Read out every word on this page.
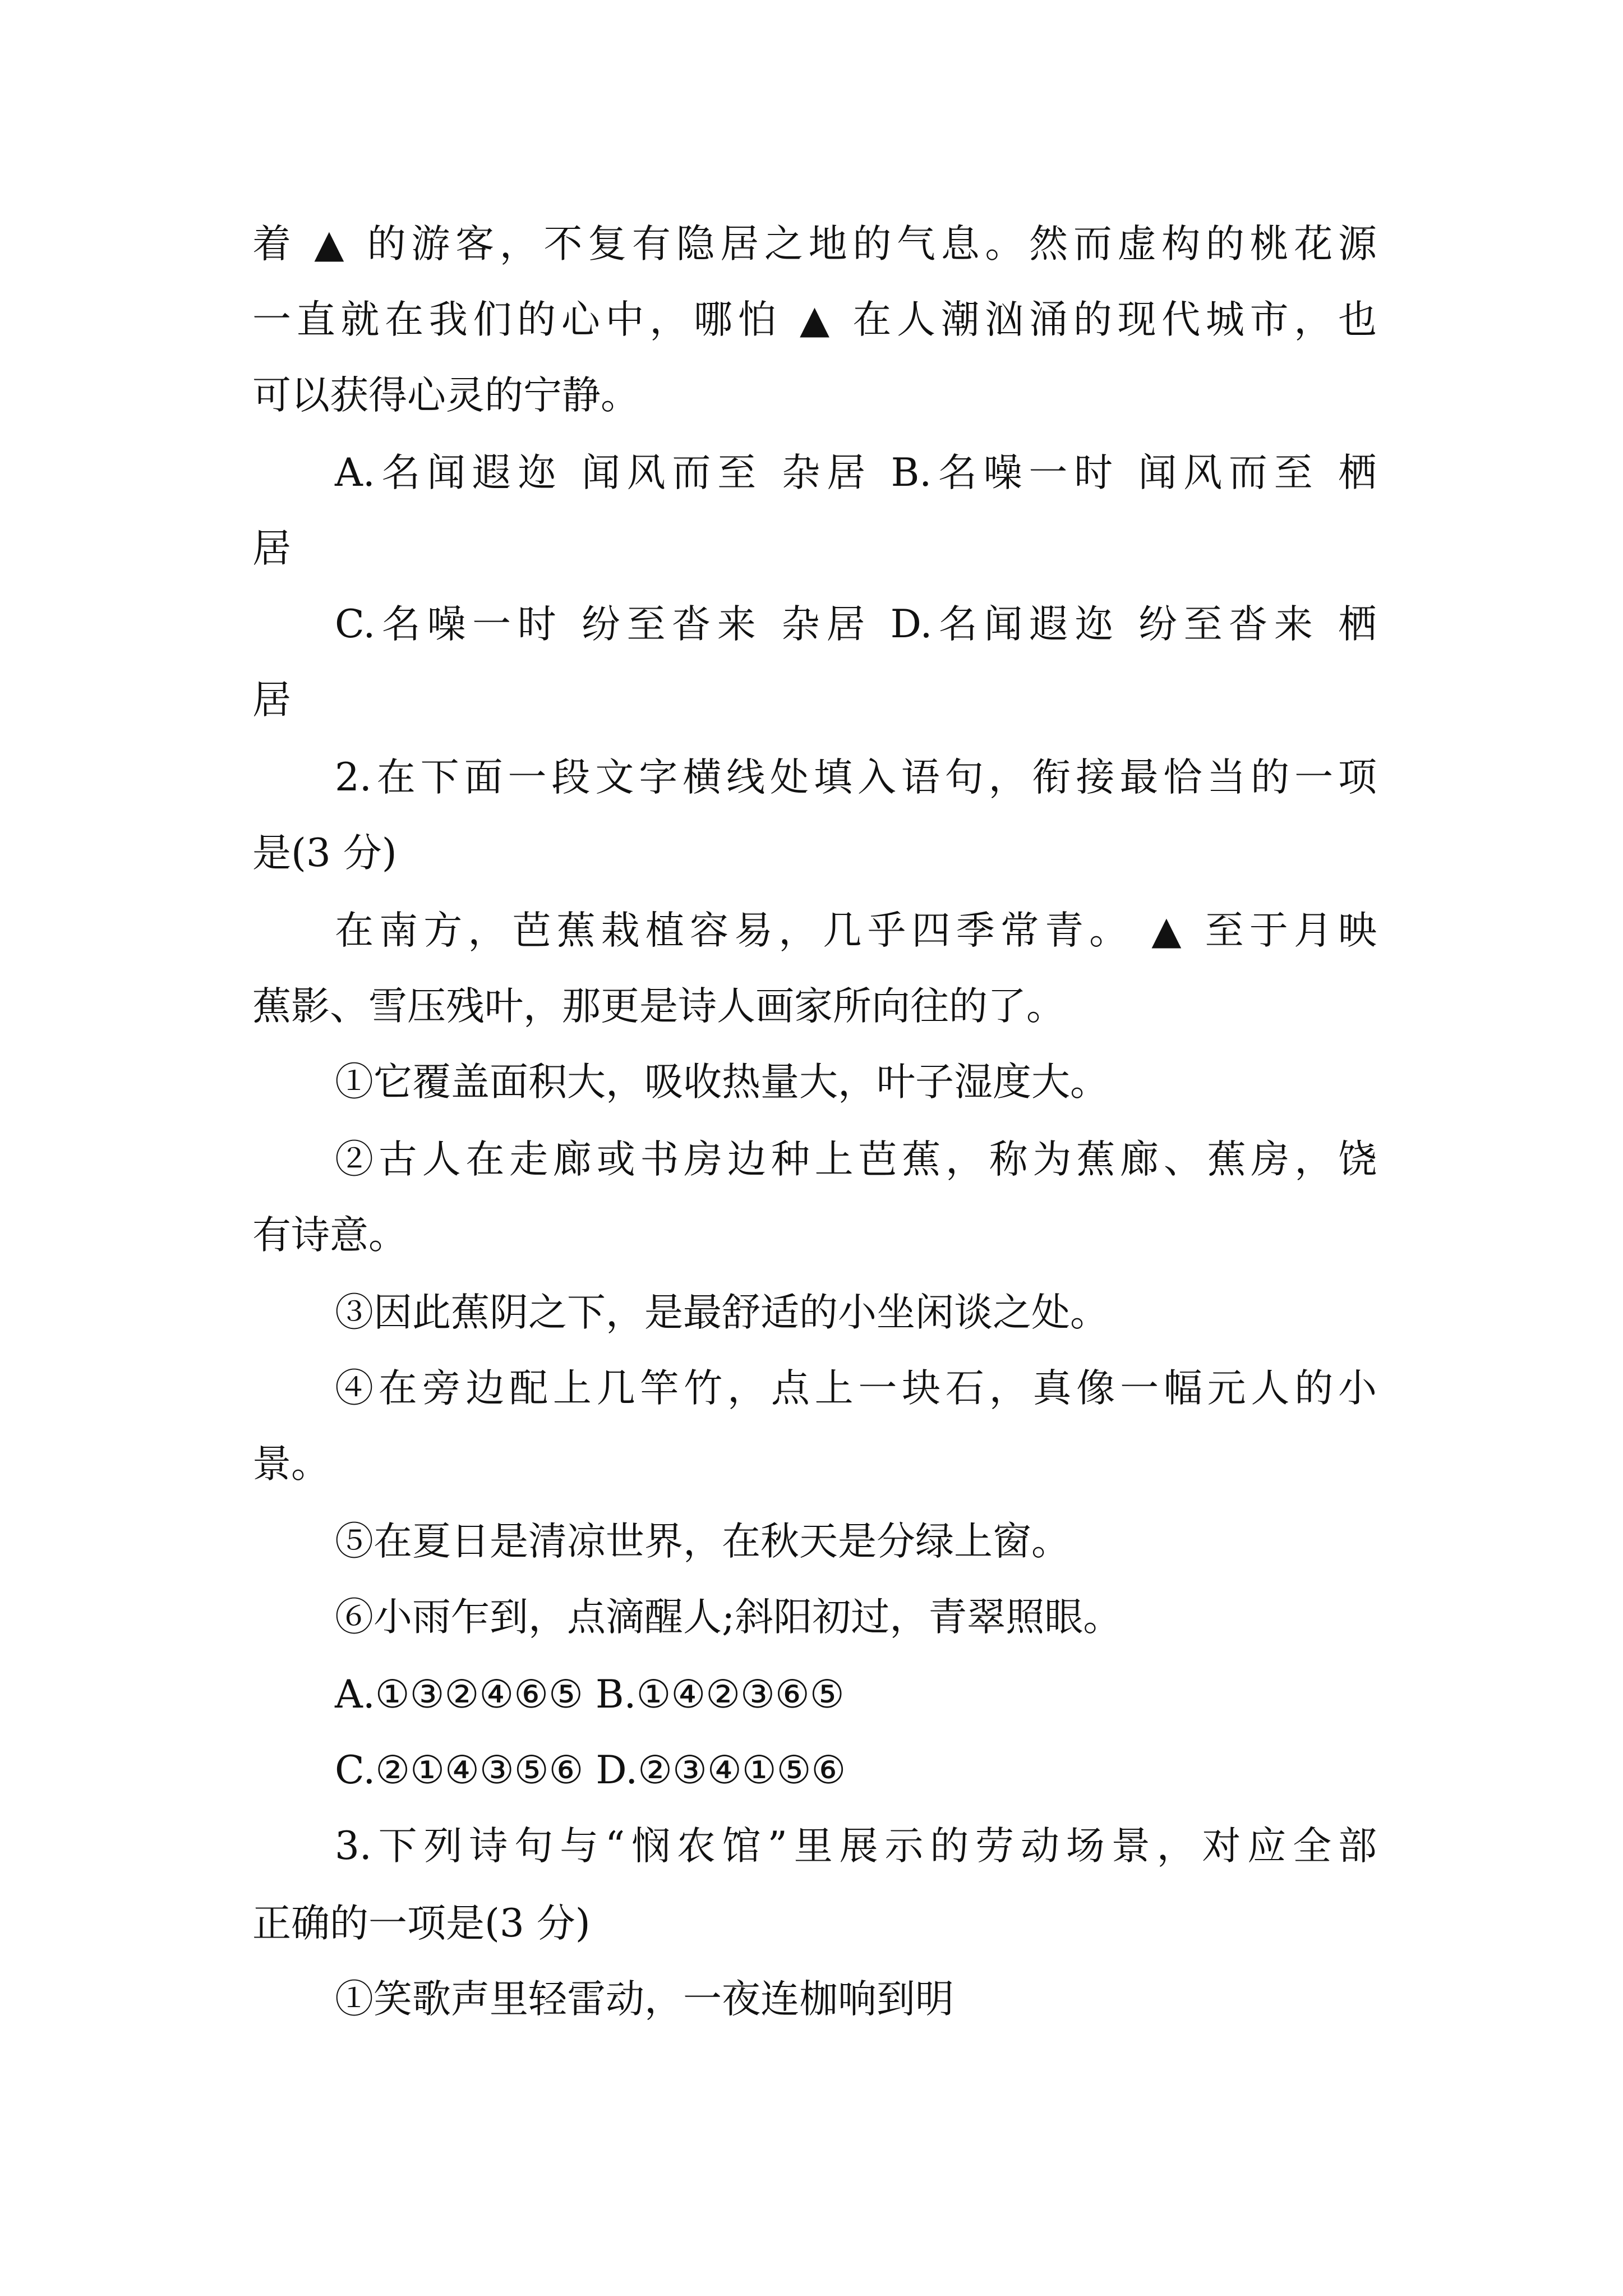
着 ▲ 的游客，不复有隐居之地的气息。然而虚构的桃花源

一直就在我们的心中，哪怕 ▲ 在人潮汹涌的现代城市，也

可以获得心灵的宁静。

A.名闻遐迩 闻风而至 杂居 B.名噪一时 闻风而至 栖

居

C.名噪一时 纷至沓来 杂居 D.名闻遐迩 纷至沓来 栖

居

2.在下面一段文字横线处填入语句，衔接最恰当的一项

是(3 分)

在南方，芭蕉栽植容易，几乎四季常青。 ▲ 至于月映

蕉影、雪压残叶，那更是诗人画家所向往的了。

①它覆盖面积大，吸收热量大，叶子湿度大。

②古人在走廊或书房边种上芭蕉，称为蕉廊、蕉房，饶

有诗意。

③因此蕉阴之下，是最舒适的小坐闲谈之处。

④在旁边配上几竿竹，点上一块石，真像一幅元人的小

景。

⑤在夏日是清凉世界，在秋天是分绿上窗。

⑥小雨乍到，点滴醒人;斜阳初过，青翠照眼。

A.①③②④⑥⑤ B.①④②③⑥⑤

C.②①④③⑤⑥ D.②③④①⑤⑥

3.下列诗句与“悯农馆”里展示的劳动场景，对应全部

正确的一项是(3 分)

①笑歌声里轻雷动，一夜连枷响到明
